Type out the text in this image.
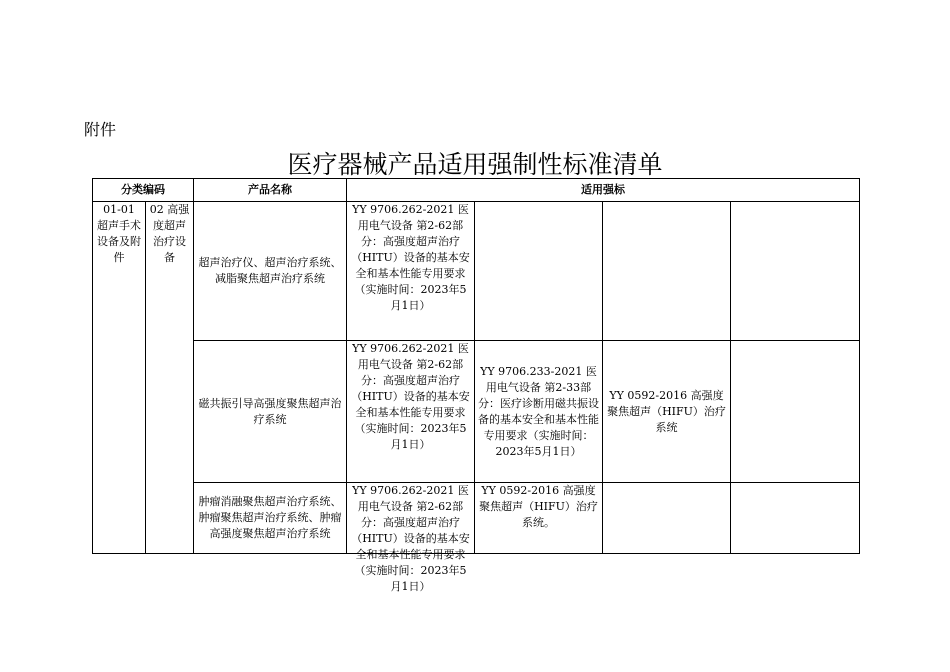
附件
医疗器械产品适用强制性标准清单
分类编码		产品名称	适用强标			
01-01 超声手术设备及附件	02 高强度超声治疗设备	超声治疗仪、超声治疗系统、减脂聚焦超声治疗系统	YY 9706.262-2021 医用电气设备 第2-62部分：高强度超声治疗（HITU）设备的基本安全和基本性能专用要求 （实施时间：2023年5月1日）			
		磁共振引导高强度聚焦超声治疗系统	YY 9706.262-2021 医用电气设备 第2-62部分：高强度超声治疗（HITU）设备的基本安全和基本性能专用要求 （实施时间：2023年5月1日）	YY 9706.233-2021 医用电气设备 第2-33部分：医疗诊断用磁共振设备的基本安全和基本性能专用要求（实施时间：2023年5月1日）	YY 0592-2016 高强度聚焦超声（HIFU）治疗系统	
		肿瘤消融聚焦超声治疗系统、肿瘤聚焦超声治疗系统、肿瘤高强度聚焦超声治疗系统	YY 9706.262-2021 医用电气设备 第2-62部分：高强度超声治疗（HITU）设备的基本安全和基本性能专用要求 （实施时间：2023年5月1日）	YY 0592-2016 高强度聚焦超声（HIFU）治疗系统。		
